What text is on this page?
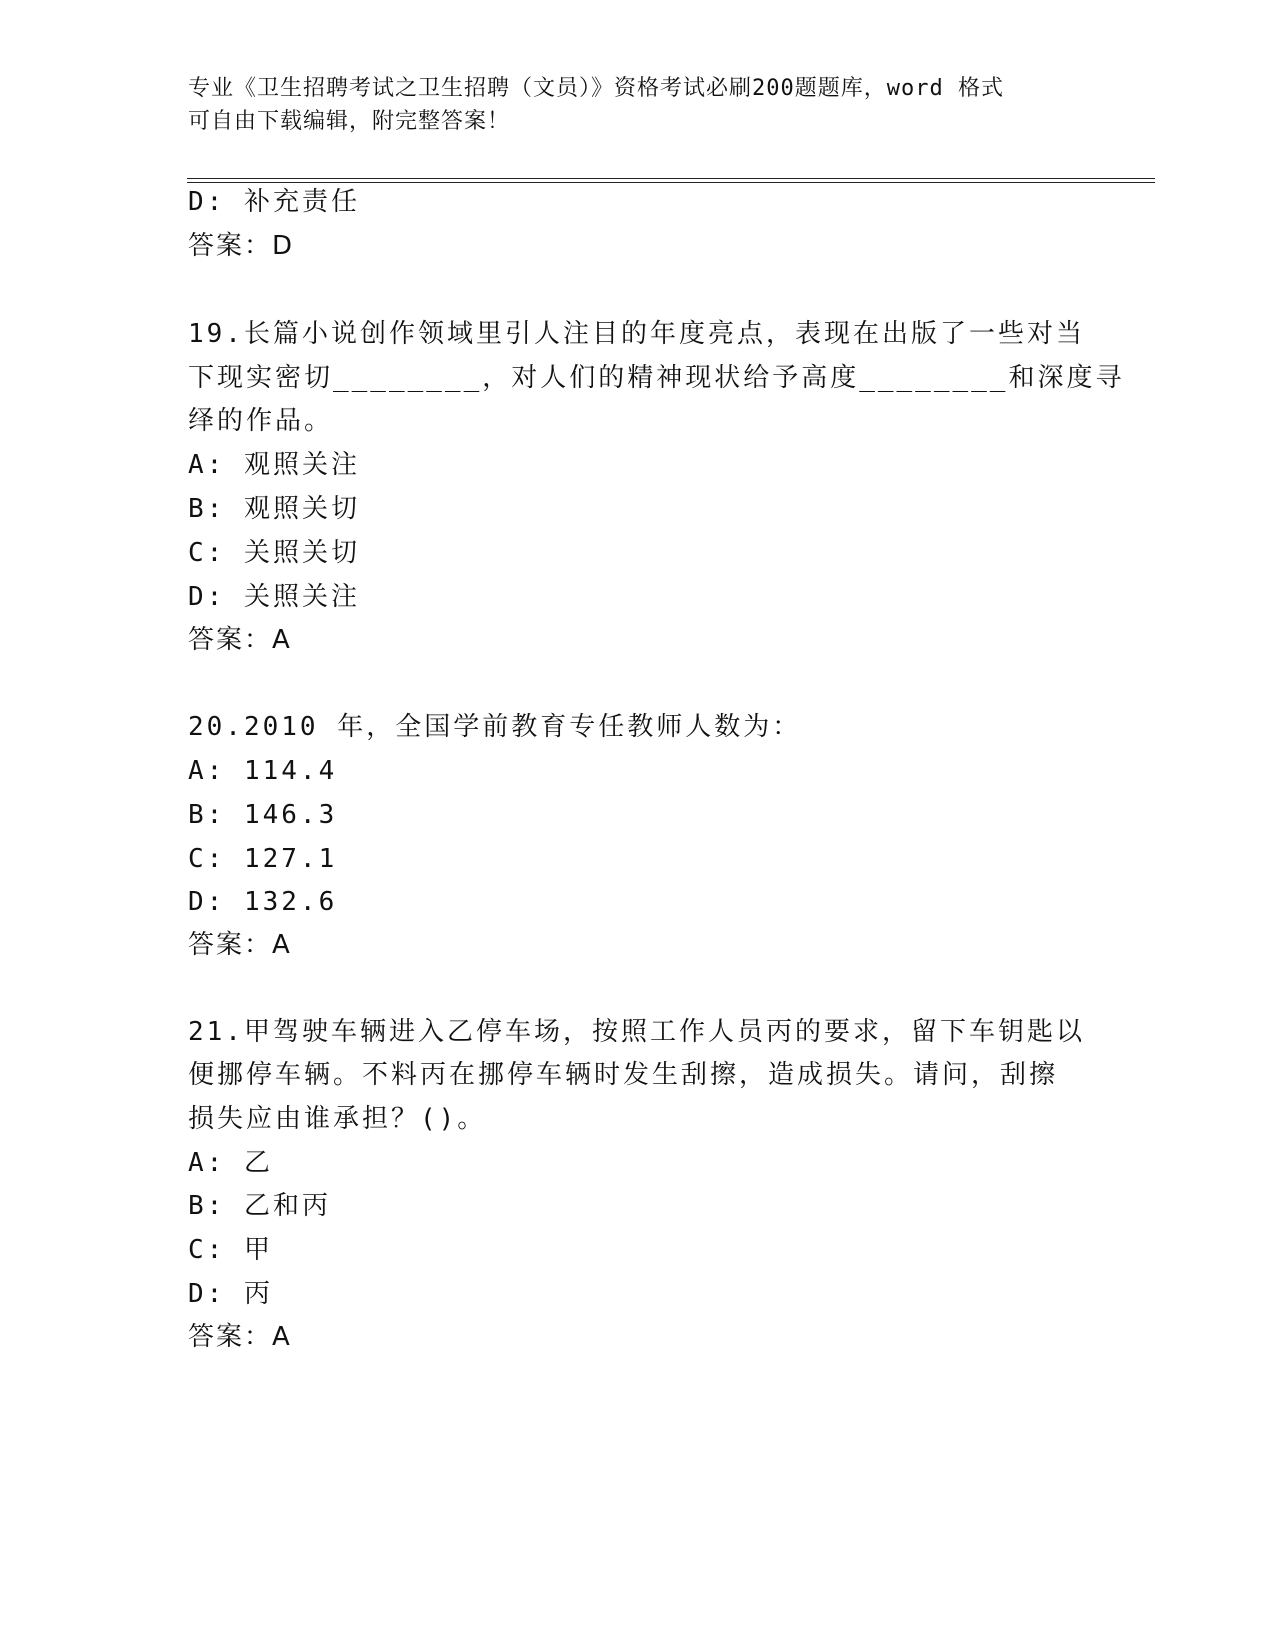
专业《卫生招聘考试之卫生招聘（文员）》资格考试必刷200题题库，word 格式
可自由下载编辑，附完整答案！
D: 补充责任
答案：D
19.长篇小说创作领域里引人注目的年度亮点，表现在出版了一些对当
下现实密切________，对人们的精神现状给予高度________和深度寻
绎的作品。
A: 观照关注
B: 观照关切
C: 关照关切
D: 关照关注
答案：A
20.2010 年，全国学前教育专任教师人数为：
A: 114.4
B: 146.3
C: 127.1
D: 132.6
答案：A
21.甲驾驶车辆进入乙停车场，按照工作人员丙的要求，留下车钥匙以
便挪停车辆。不料丙在挪停车辆时发生刮擦，造成损失。请问，刮擦
损失应由谁承担？()。
A: 乙
B: 乙和丙
C: 甲
D: 丙
答案：A
